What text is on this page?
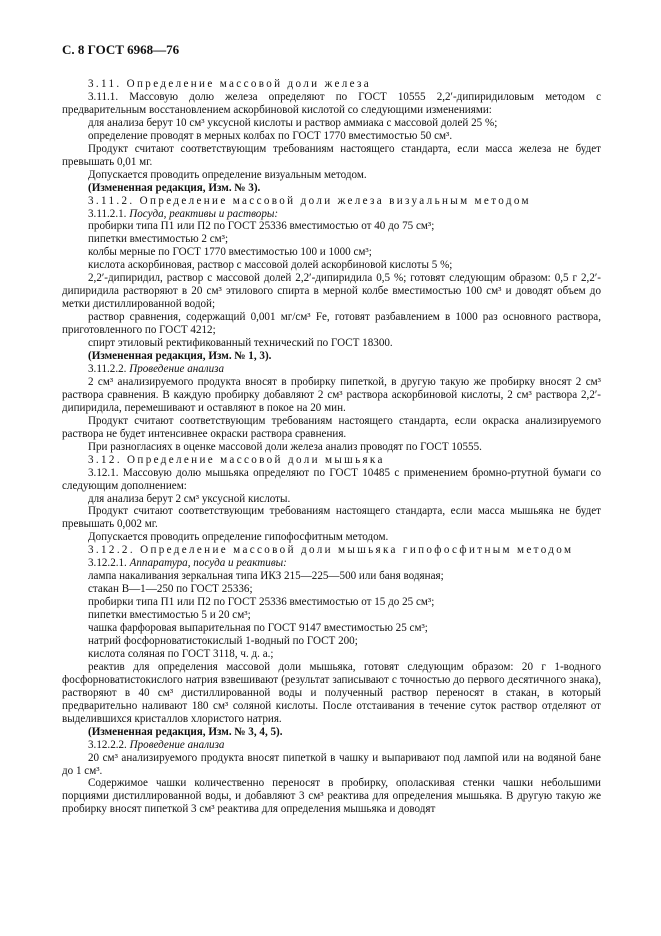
С. 8 ГОСТ 6968—76

3.11. Определение массовой доли железа

3.11.1. Массовую долю железа определяют по ГОСТ 10555 2,2′-дипиридиловым методом с предварительным восстановлением аскорбиновой кислотой со следующими изменениями:

для анализа берут 10 см³ уксусной кислоты и раствор аммиака с массовой долей 25 %;

определение проводят в мерных колбах по ГОСТ 1770 вместимостью 50 см³.

Продукт считают соответствующим требованиям настоящего стандарта, если масса железа не будет превышать 0,01 мг.

Допускается проводить определение визуальным методом.

(Измененная редакция, Изм. № 3).

3.11.2. Определение массовой доли железа визуальным методом

3.11.2.1. Посуда, реактивы и растворы:

пробирки типа П1 или П2 по ГОСТ 25336 вместимостью от 40 до 75 см³;

пипетки вместимостью 2 см³;

колбы мерные по ГОСТ 1770 вместимостью 100 и 1000 см³;

кислота аскорбиновая, раствор с массовой долей аскорбиновой кислоты 5 %;

2,2′-дипиридил, раствор с массовой долей 2,2′-дипиридила 0,5 %; готовят следующим образом: 0,5 г 2,2′-дипиридила растворяют в 20 см³ этилового спирта в мерной колбе вместимостью 100 см³ и доводят объем до метки дистиллированной водой;

раствор сравнения, содержащий 0,001 мг/см³ Fe, готовят разбавлением в 1000 раз основного раствора, приготовленного по ГОСТ 4212;

спирт этиловый ректификованный технический по ГОСТ 18300.

(Измененная редакция, Изм. № 1, 3).

3.11.2.2. Проведение анализа

2 см³ анализируемого продукта вносят в пробирку пипеткой, в другую такую же пробирку вносят 2 см³ раствора сравнения. В каждую пробирку добавляют 2 см³ раствора аскорбиновой кислоты, 2 см³ раствора 2,2′-дипиридила, перемешивают и оставляют в покое на 20 мин.

Продукт считают соответствующим требованиям настоящего стандарта, если окраска анализируемого раствора не будет интенсивнее окраски раствора сравнения.

При разногласиях в оценке массовой доли железа анализ проводят по ГОСТ 10555.

3.12. Определение массовой доли мышьяка

3.12.1. Массовую долю мышьяка определяют по ГОСТ 10485 с применением бромно-ртутной бумаги со следующим дополнением:

для анализа берут 2 см³ уксусной кислоты.

Продукт считают соответствующим требованиям настоящего стандарта, если масса мышьяка не будет превышать 0,002 мг.

Допускается проводить определение гипофосфитным методом.

3.12.2. Определение массовой доли мышьяка гипофосфитным методом

3.12.2.1. Аппаратура, посуда и реактивы:

лампа накаливания зеркальная типа ИКЗ 215—225—500 или баня водяная;

стакан В—1—250 по ГОСТ 25336;

пробирки типа П1 или П2 по ГОСТ 25336 вместимостью от 15 до 25 см³;

пипетки вместимостью 5 и 20 см³;

чашка фарфоровая выпарительная по ГОСТ 9147 вместимостью 25 см³;

натрий фосфорноватистокислый 1-водный по ГОСТ 200;

кислота соляная по ГОСТ 3118, ч. д. а.;

реактив для определения массовой доли мышьяка, готовят следующим образом: 20 г 1-водного фосфорноватистокислого натрия взвешивают (результат записывают с точностью до первого десятичного знака), растворяют в 40 см³ дистиллированной воды и полученный раствор переносят в стакан, в который предварительно наливают 180 см³ соляной кислоты. После отстаивания в течение суток раствор отделяют от выделившихся кристаллов хлористого натрия.

(Измененная редакция, Изм. № 3, 4, 5).

3.12.2.2. Проведение анализа

20 см³ анализируемого продукта вносят пипеткой в чашку и выпаривают под лампой или на водяной бане до 1 см³.

Содержимое чашки количественно переносят в пробирку, ополаскивая стенки чашки небольшими порциями дистиллированной воды, и добавляют 3 см³ реактива для определения мышьяка. В другую такую же пробирку вносят пипеткой 3 см³ реактива для определения мышьяка и доводят
